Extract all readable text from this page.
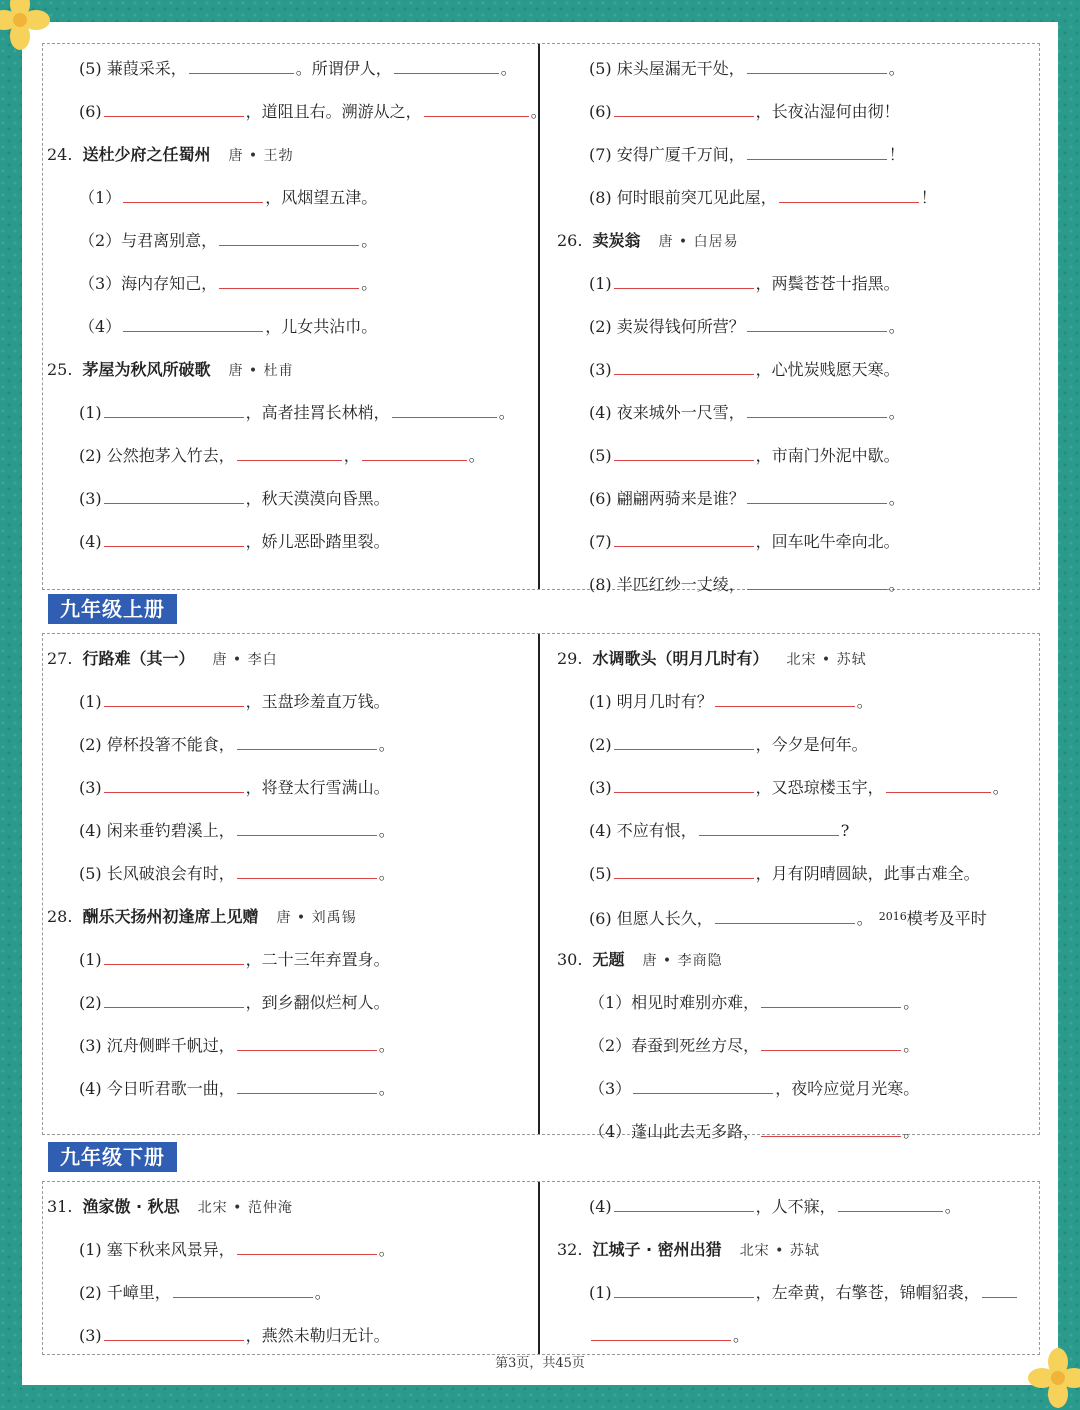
(5) 蒹葭采采，	。所谓伊人，	。
(6)	，道阻且右。溯游从之，	。
24. 送杜少府之任蜀州 唐 • 王勃
（1）	，风烟望五津。
（2）与君离别意，	。
（3）海内存知己，	。
（4）	，儿女共沾巾。
25. 茅屋为秋风所破歌 唐 • 杜甫
(1)	，高者挂罥长林梢，	。
(2) 公然抱茅入竹去，	，	。
(3)	，秋天漠漠向昏黑。
(4)	，娇儿恶卧踏里裂。
(5) 床头屋漏无干处，	。
(6)	，长夜沾湿何由彻！
(7) 安得广厦千万间，	！
(8) 何时眼前突兀见此屋，	！
26. 卖炭翁 唐 • 白居易
(1)	，两鬓苍苍十指黑。
(2) 卖炭得钱何所营？	。
(3)	，心忧炭贱愿天寒。
(4) 夜来城外一尺雪，	。
(5)	，市南门外泥中歇。
(6) 翩翩两骑来是谁？	。
(7)	，回车叱牛牵向北。
(8) 半匹红纱一丈绫，	。
九年级上册
27. 行路难（其一） 唐 • 李白
(1)	，玉盘珍羞直万钱。
(2) 停杯投箸不能食，	。
(3)	，将登太行雪满山。
(4) 闲来垂钓碧溪上，	。
(5) 长风破浪会有时，	。
28. 酬乐天扬州初逢席上见赠 唐 • 刘禹锡
(1)	，二十三年弃置身。
(2)	，到乡翻似烂柯人。
(3) 沉舟侧畔千帆过，	。
(4) 今日听君歌一曲，	。
29. 水调歌头（明月几时有） 北宋 • 苏轼
(1) 明月几时有？	。
(2)	，今夕是何年。
(3)	，又恐琼楼玉宇，	。
(4) 不应有恨，	?
(5)	，月有阴晴圆缺，此事古难全。
(6) 但愿人长久，	。 $^{2016}$模考及平时
30. 无题 唐 • 李商隐
（1）相见时难别亦难，	。
（2）春蚕到死丝方尽，	。
（3）	，夜吟应觉月光寒。
（4）蓬山此去无多路，	。
九年级下册
31. 渔家傲 · 秋思 北宋 • 范仲淹
(1) 塞下秋来风景异，	。
(2) 千嶂里，	。
(3)	，燕然未勒归无计。
(4)	，人不寐，	。
32. 江城子 · 密州出猎 北宋 • 苏轼
(1)	，左牵黄，右擎苍，锦帽貂裘，
。
第3页，共45页
